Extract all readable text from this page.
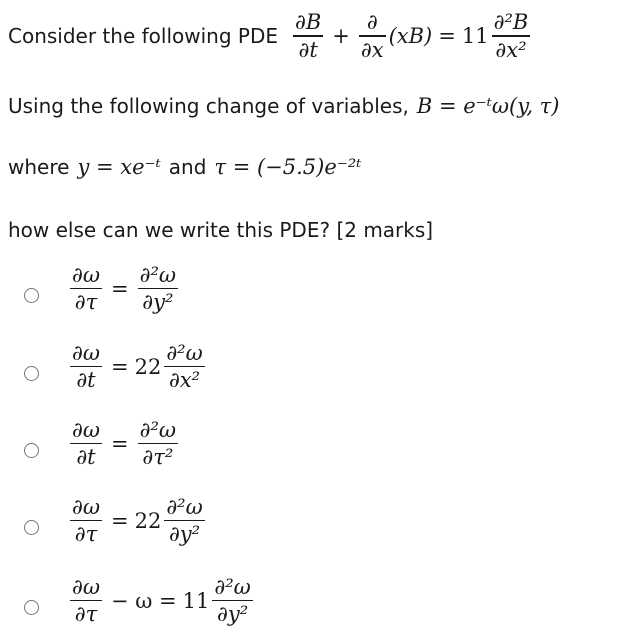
Consider the following PDE $\frac{\partial B}{\partial t} + \frac{\partial}{\partial x} (xB) = 11 \frac{\text{∂²B}}{\text{∂x²}}$
Using the following change of variables, B = e⁻ᵗω(y, τ)
where y = xe⁻ᵗ and τ = (−5.5)e⁻²ᵗ
how else can we write this PDE? [2 marks]
$\frac{\partial\omega}{\partial\tau} = \frac{\text{∂²ω}}{\text{∂y²}}$
$\frac{\partial\omega}{\partial t} = 22 \frac{\text{∂²ω}}{\text{∂x²}}$
$\frac{\partial\omega}{\partial t} = \frac{\text{∂²ω}}{\text{∂τ²}}$
$\frac{\partial\omega}{\partial\tau} = 22 \frac{\text{∂²ω}}{\text{∂y²}}$
$\frac{\partial\omega}{\partial\tau} - \omega = 11 \frac{\text{∂²ω}}{\text{∂y²}}$
